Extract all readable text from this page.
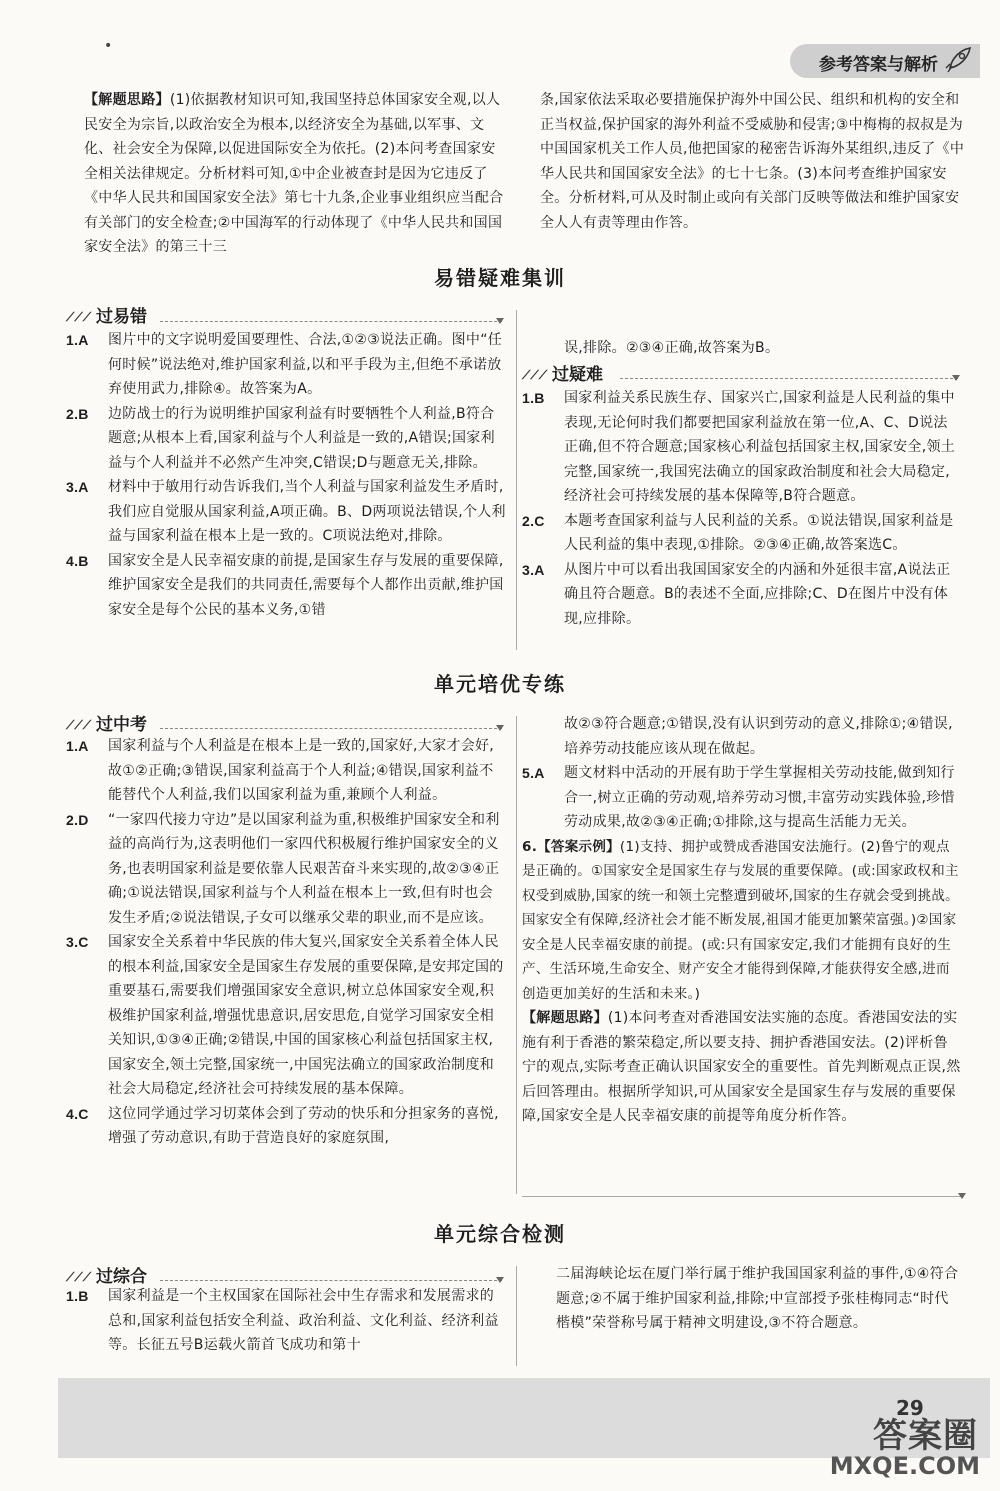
•
参考答案与解析

【解题思路】(1)依据教材知识可知,我国坚持总体国家安全观,以人民安全为宗旨,以政治安全为根本,以经济安全为基础,以军事、文化、社会安全为保障,以促进国际安全为依托。(2)本问考查国家安全相关法律规定。分析材料可知,①中企业被查封是因为它违反了《中华人民共和国国家安全法》第七十九条,企业事业组织应当配合有关部门的安全检查;②中国海军的行动体现了《中华人民共和国国家安全法》的第三十三

条,国家依法采取必要措施保护海外中国公民、组织和机构的安全和正当权益,保护国家的海外利益不受威胁和侵害;③中梅梅的叔叔是为中国国家机关工作人员,他把国家的秘密告诉海外某组织,违反了《中华人民共和国国家安全法》的七十七条。(3)本问考查维护国家安全。分析材料,可从及时制止或向有关部门反映等做法和维护国家安全人人有责等理由作答。

易错疑难集训
⟋⟋⟋ 过易错

1.A 图片中的文字说明爱国要理性、合法,①②③说法正确。图中“任何时候”说法绝对,维护国家利益,以和平手段为主,但绝不承诺放弃使用武力,排除④。故答案为A。

2.B 边防战士的行为说明维护国家利益有时要牺牲个人利益,B符合题意;从根本上看,国家利益与个人利益是一致的,A错误;国家利益与个人利益并不必然产生冲突,C错误;D与题意无关,排除。

3.A 材料中于敏用行动告诉我们,当个人利益与国家利益发生矛盾时,我们应自觉服从国家利益,A项正确。B、D两项说法错误,个人利益与国家利益在根本上是一致的。C项说法绝对,排除。

4.B 国家安全是人民幸福安康的前提,是国家生存与发展的重要保障,维护国家安全是我们的共同责任,需要每个人都作出贡献,维护国家安全是每个公民的基本义务,①错

误,排除。②③④正确,故答案为B。

⟋⟋⟋ 过疑难

1.B 国家利益关系民族生存、国家兴亡,国家利益是人民利益的集中表现,无论何时我们都要把国家利益放在第一位,A、C、D说法正确,但不符合题意;国家核心利益包括国家主权,国家安全,领土完整,国家统一,我国宪法确立的国家政治制度和社会大局稳定,经济社会可持续发展的基本保障等,B符合题意。

2.C 本题考查国家利益与人民利益的关系。①说法错误,国家利益是人民利益的集中表现,①排除。②③④正确,故答案选C。

3.A 从图片中可以看出我国国家安全的内涵和外延很丰富,A说法正确且符合题意。B的表述不全面,应排除;C、D在图片中没有体现,应排除。

单元培优专练
⟋⟋⟋ 过中考

1.A 国家利益与个人利益是在根本上是一致的,国家好,大家才会好,故①②正确;③错误,国家利益高于个人利益;④错误,国家利益不能替代个人利益,我们以国家利益为重,兼顾个人利益。

2.D “一家四代接力守边”是以国家利益为重,积极维护国家安全和利益的高尚行为,这表明他们一家四代积极履行维护国家安全的义务,也表明国家利益是要依靠人民艰苦奋斗来实现的,故②③④正确;①说法错误,国家利益与个人利益在根本上一致,但有时也会发生矛盾;②说法错误,子女可以继承父辈的职业,而不是应该。

3.C 国家安全关系着中华民族的伟大复兴,国家安全关系着全体人民的根本利益,国家安全是国家生存发展的重要保障,是安邦定国的重要基石,需要我们增强国家安全意识,树立总体国家安全观,积极维护国家利益,增强忧患意识,居安思危,自觉学习国家安全相关知识,①③④正确;②错误,中国的国家核心利益包括国家主权,国家安全,领土完整,国家统一,中国宪法确立的国家政治制度和社会大局稳定,经济社会可持续发展的基本保障。

4.C 这位同学通过学习切菜体会到了劳动的快乐和分担家务的喜悦,增强了劳动意识,有助于营造良好的家庭氛围,

故②③符合题意;①错误,没有认识到劳动的意义,排除①;④错误,培养劳动技能应该从现在做起。

5.A 题文材料中活动的开展有助于学生掌握相关劳动技能,做到知行合一,树立正确的劳动观,培养劳动习惯,丰富劳动实践体验,珍惜劳动成果,故②③④正确;①排除,这与提高生活能力无关。

6.【答案示例】(1)支持、拥护或赞成香港国安法施行。(2)鲁宁的观点是正确的。①国家安全是国家生存与发展的重要保障。(或:国家政权和主权受到威胁,国家的统一和领土完整遭到破坏,国家的生存就会受到挑战。国家安全有保障,经济社会才能不断发展,祖国才能更加繁荣富强。)②国家安全是人民幸福安康的前提。(或:只有国家安定,我们才能拥有良好的生产、生活环境,生命安全、财产安全才能得到保障,才能获得安全感,进而创造更加美好的生活和未来。)

【解题思路】(1)本问考查对香港国安法实施的态度。香港国安法的实施有利于香港的繁荣稳定,所以要支持、拥护香港国安法。(2)评析鲁宁的观点,实际考查正确认识国家安全的重要性。首先判断观点正误,然后回答理由。根据所学知识,可从国家安全是国家生存与发展的重要保障,国家安全是人民幸福安康的前提等角度分析作答。

单元综合检测
⟋⟋⟋ 过综合

1.B 国家利益是一个主权国家在国际社会中生存需求和发展需求的总和,国家利益包括安全利益、政治利益、文化利益、经济利益等。长征五号B运载火箭首飞成功和第十

二届海峡论坛在厦门举行属于维护我国国家利益的事件,①④符合题意;②不属于维护国家利益,排除;中宣部授予张桂梅同志“时代楷模”荣誉称号属于精神文明建设,③不符合题意。

29
答案圈
MXQE.COM
